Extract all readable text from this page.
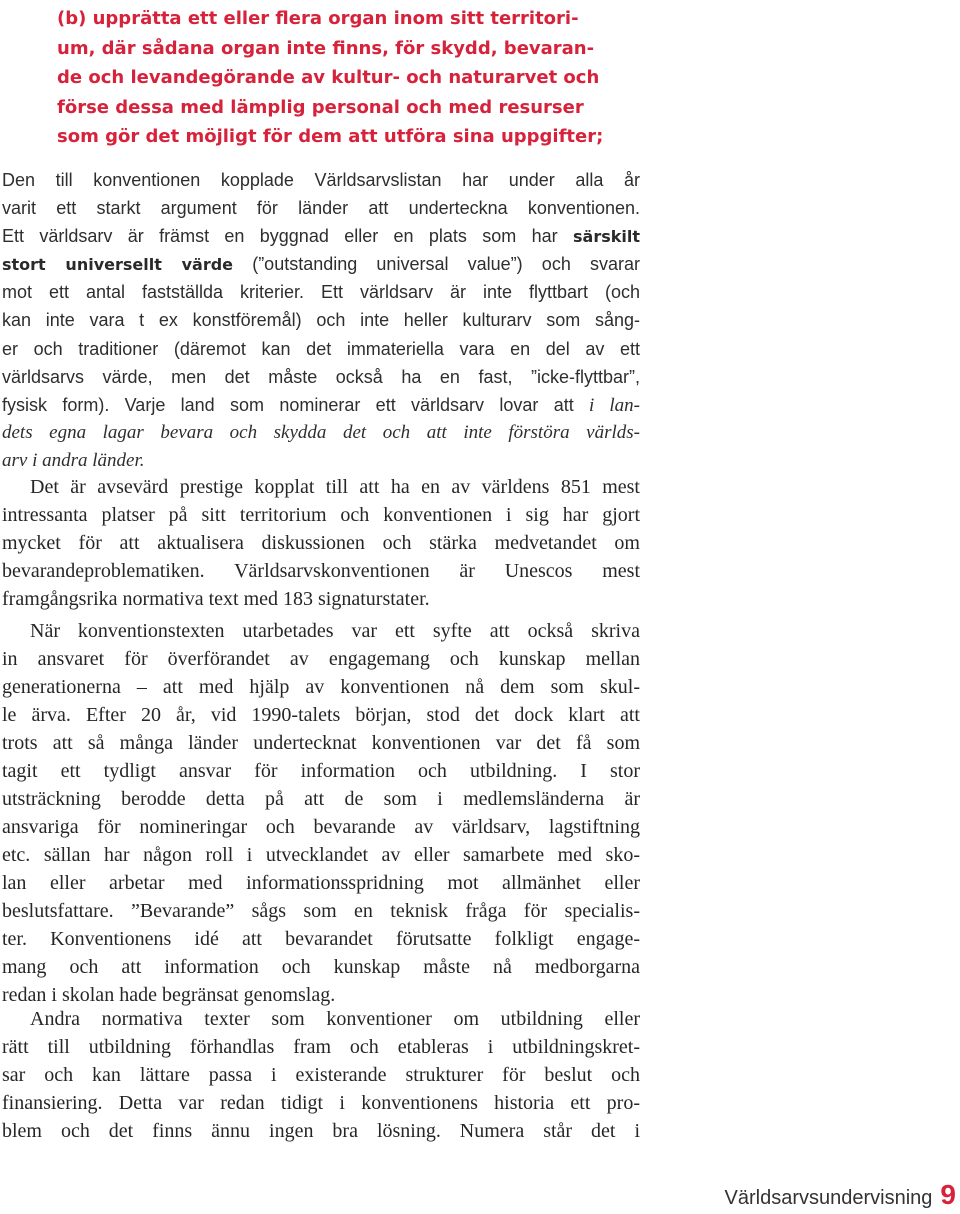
(b) upprätta ett eller flera organ inom sitt territori-
um, där sådana organ inte finns, för skydd, bevaran-
de och levandegörande av kultur- och naturarvet och
förse dessa med lämplig personal och med resurser
som gör det möjligt för dem att utföra sina uppgifter;
Den till konventionen kopplade Världsarvslistan har under alla år
varit ett starkt argument för länder att underteckna konventionen.
Ett världsarv är främst en byggnad eller en plats som har särskilt
stort universellt värde (”outstanding universal value”) och svarar
mot ett antal fastställda kriterier. Ett världsarv är inte flyttbart (och
kan inte vara t ex konstföremål) och inte heller kulturarv som sång-
er och traditioner (däremot kan det immateriella vara en del av ett
världsarvs värde, men det måste också ha en fast, ”icke-flyttbar”,
fysisk form). Varje land som nominerar ett världsarv lovar att i lan-
dets egna lagar bevara och skydda det och att inte förstöra världs-
arv i andra länder.
Det är avsevärd prestige kopplat till att ha en av världens 851 mest
intressanta platser på sitt territorium och konventionen i sig har gjort
mycket för att aktualisera diskussionen och stärka medvetandet om
bevarandeproblematiken. Världsarvskonventionen är Unescos mest
framgångsrika normativa text med 183 signaturstater.
När konventionstexten utarbetades var ett syfte att också skriva
in ansvaret för överförandet av engagemang och kunskap mellan
generationerna – att med hjälp av konventionen nå dem som skul-
le ärva. Efter 20 år, vid 1990-talets början, stod det dock klart att
trots att så många länder undertecknat konventionen var det få som
tagit ett tydligt ansvar för information och utbildning. I stor
utsträckning berodde detta på att de som i medlemsländerna är
ansvariga för nomineringar och bevarande av världsarv, lagstiftning
etc. sällan har någon roll i utvecklandet av eller samarbete med sko-
lan eller arbetar med informationsspridning mot allmänhet eller
beslutsfattare. ”Bevarande” sågs som en teknisk fråga för specialis-
ter. Konventionens idé att bevarandet förutsatte folkligt engage-
mang och att information och kunskap måste nå medborgarna
redan i skolan hade begränsat genomslag.
Andra normativa texter som konventioner om utbildning eller
rätt till utbildning förhandlas fram och etableras i utbildningskret-
sar och kan lättare passa i existerande strukturer för beslut och
finansiering. Detta var redan tidigt i konventionens historia ett pro-
blem och det finns ännu ingen bra lösning. Numera står det i
Världsarvsundervisning 9
